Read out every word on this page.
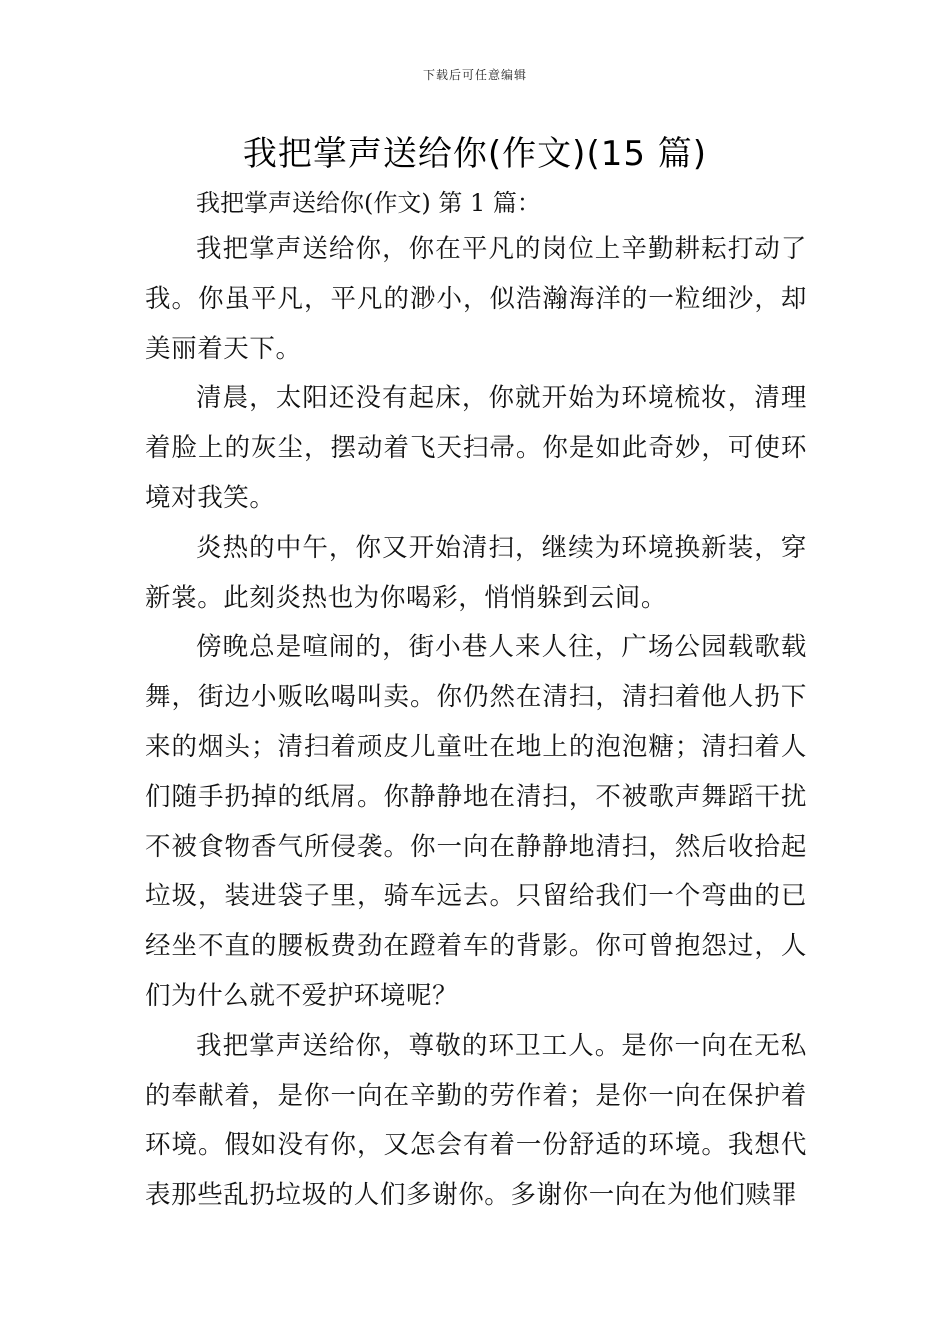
下载后可任意编辑
我把掌声送给你(作文)(15 篇)
我把掌声送给你(作文) 第 1 篇：

我把掌声送给你，你在平凡的岗位上辛勤耕耘打动了我。你虽平凡，平凡的渺小，似浩瀚海洋的一粒细沙，却美丽着天下。

清晨，太阳还没有起床，你就开始为环境梳妆，清理着脸上的灰尘，摆动着飞天扫帚。你是如此奇妙，可使环境对我笑。

炎热的中午，你又开始清扫，继续为环境换新装，穿新裳。此刻炎热也为你喝彩，悄悄躲到云间。

傍晚总是喧闹的，街小巷人来人往，广场公园载歌载舞，街边小贩吆喝叫卖。你仍然在清扫，清扫着他人扔下来的烟头；清扫着顽皮儿童吐在地上的泡泡糖；清扫着人们随手扔掉的纸屑。你静静地在清扫，不被歌声舞蹈干扰不被食物香气所侵袭。你一向在静静地清扫，然后收拾起垃圾，装进袋子里，骑车远去。只留给我们一个弯曲的已经坐不直的腰板费劲在蹬着车的背影。你可曾抱怨过，人们为什么就不爱护环境呢？

我把掌声送给你，尊敬的环卫工人。是你一向在无私的奉献着，是你一向在辛勤的劳作着；是你一向在保护着环境。假如没有你，又怎会有着一份舒适的环境。我想代表那些乱扔垃圾的人们多谢你。多谢你一向在为他们赎罪
